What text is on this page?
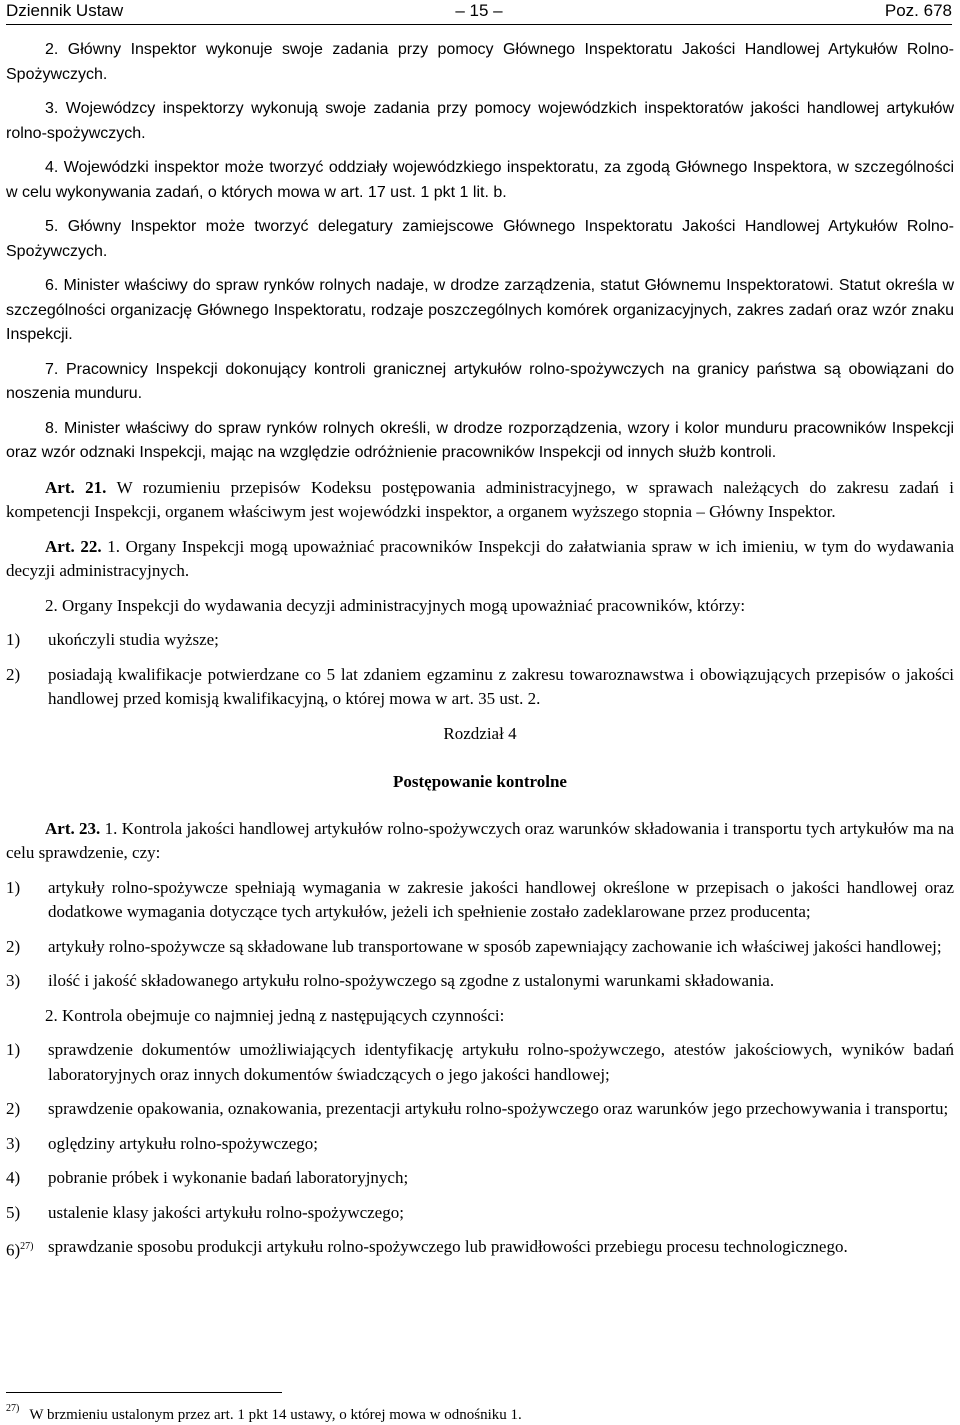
Dziennik Ustaw	– 15 –	Poz. 678

2. Główny Inspektor wykonuje swoje zadania przy pomocy Głównego Inspektoratu Jakości Handlowej Artykułów Rolno-Spożywczych.

3. Wojewódzcy inspektorzy wykonują swoje zadania przy pomocy wojewódzkich inspektoratów jakości handlowej artykułów rolno-spożywczych.

4. Wojewódzki inspektor może tworzyć oddziały wojewódzkiego inspektoratu, za zgodą Głównego Inspektora, w szczególności w celu wykonywania zadań, o których mowa w art. 17 ust. 1 pkt 1 lit. b.

5. Główny Inspektor może tworzyć delegatury zamiejscowe Głównego Inspektoratu Jakości Handlowej Artykułów Rolno-Spożywczych.

6. Minister właściwy do spraw rynków rolnych nadaje, w drodze zarządzenia, statut Głównemu Inspektoratowi. Statut określa w szczególności organizację Głównego Inspektoratu, rodzaje poszczególnych komórek organizacyjnych, zakres zadań oraz wzór znaku Inspekcji.

7. Pracownicy Inspekcji dokonujący kontroli granicznej artykułów rolno-spożywczych na granicy państwa są obowiązani do noszenia munduru.

8. Minister właściwy do spraw rynków rolnych określi, w drodze rozporządzenia, wzory i kolor munduru pracowników Inspekcji oraz wzór odznaki Inspekcji, mając na względzie odróżnienie pracowników Inspekcji od innych służb kontroli.

Art. 21. W rozumieniu przepisów Kodeksu postępowania administracyjnego, w sprawach należących do zakresu zadań i kompetencji Inspekcji, organem właściwym jest wojewódzki inspektor, a organem wyższego stopnia – Główny Inspektor.

Art. 22. 1. Organy Inspekcji mogą upoważniać pracowników Inspekcji do załatwiania spraw w ich imieniu, w tym do wydawania decyzji administracyjnych.

2. Organy Inspekcji do wydawania decyzji administracyjnych mogą upoważniać pracowników, którzy:

1)	ukończyli studia wyższe;
2)	posiadają kwalifikacje potwierdzane co 5 lat zdaniem egzaminu z zakresu towaroznawstwa i obowiązujących przepisów o jakości handlowej przed komisją kwalifikacyjną, o której mowa w art. 35 ust. 2.

Rozdział 4

Postępowanie kontrolne

Art. 23. 1. Kontrola jakości handlowej artykułów rolno-spożywczych oraz warunków składowania i transportu tych artykułów ma na celu sprawdzenie, czy:

1)	artykuły rolno-spożywcze spełniają wymagania w zakresie jakości handlowej określone w przepisach o jakości handlowej oraz dodatkowe wymagania dotyczące tych artykułów, jeżeli ich spełnienie zostało zadeklarowane przez producenta;
2)	artykuły rolno-spożywcze są składowane lub transportowane w sposób zapewniający zachowanie ich właściwej jakości handlowej;
3)	ilość i jakość składowanego artykułu rolno-spożywczego są zgodne z ustalonymi warunkami składowania.

2. Kontrola obejmuje co najmniej jedną z następujących czynności:

1)	sprawdzenie dokumentów umożliwiających identyfikację artykułu rolno-spożywczego, atestów jakościowych, wyników badań laboratoryjnych oraz innych dokumentów świadczących o jego jakości handlowej;
2)	sprawdzenie opakowania, oznakowania, prezentacji artykułu rolno-spożywczego oraz warunków jego przechowywania i transportu;
3)	oględziny artykułu rolno-spożywczego;
4)	pobranie próbek i wykonanie badań laboratoryjnych;
5)	ustalenie klasy jakości artykułu rolno-spożywczego;
6)$^{27)}$ sprawdzanie sposobu produkcji artykułu rolno-spożywczego lub prawidłowości przebiegu procesu technologicznego.
$^{27)}$ W brzmieniu ustalonym przez art. 1 pkt 14 ustawy, o której mowa w odnośniku 1.
